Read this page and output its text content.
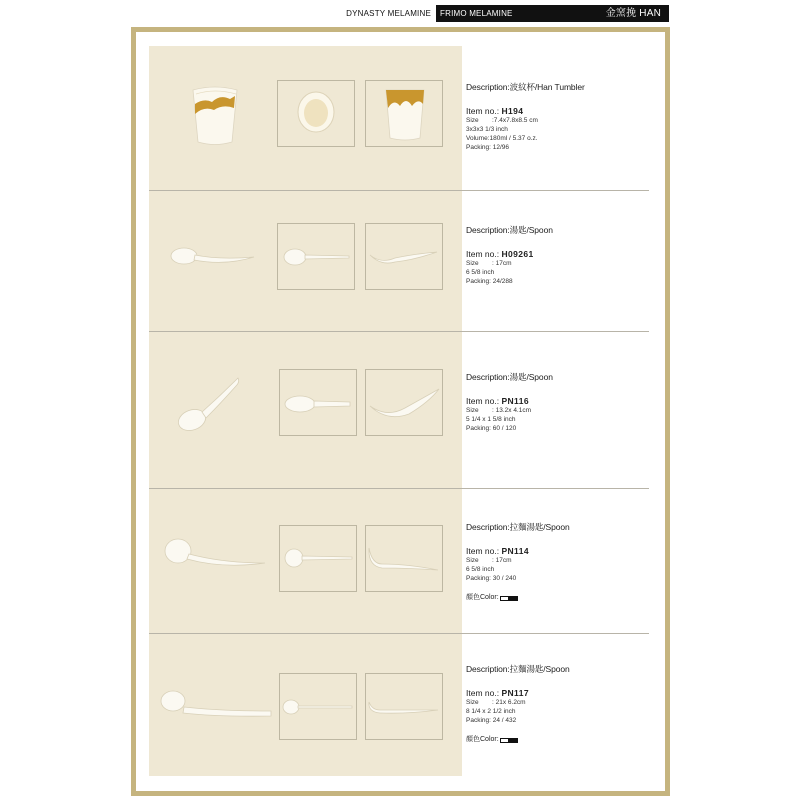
DYNASTY MELAMINE	FRIMO MELAMINE	金窯挽 HAN
Description:波紋杯/Han Tumbler
Item no.: H194
Size :7.4x7.8x8.5 cm
3x3x3 1/3 inch
Volume:180ml / 5.37 o.z.
Packing: 12/96
Description:湯匙/Spoon
Item no.: H09261
Size : 17cm
6 5/8 inch
Packing: 24/288
Description:湯匙/Spoon
Item no.: PN116
Size : 13.2x 4.1cm
5 1/4 x 1 5/8 inch
Packing: 60 / 120
Description:拉麵湯匙/Spoon
Item no.: PN114
Size : 17cm
6 5/8 inch
Packing: 30 / 240
顏色Color:
Description:拉麵湯匙/Spoon
Item no.: PN117
Size : 21x 6.2cm
8 1/4 x 2 1/2 inch
Packing: 24 / 432
顏色Color:
